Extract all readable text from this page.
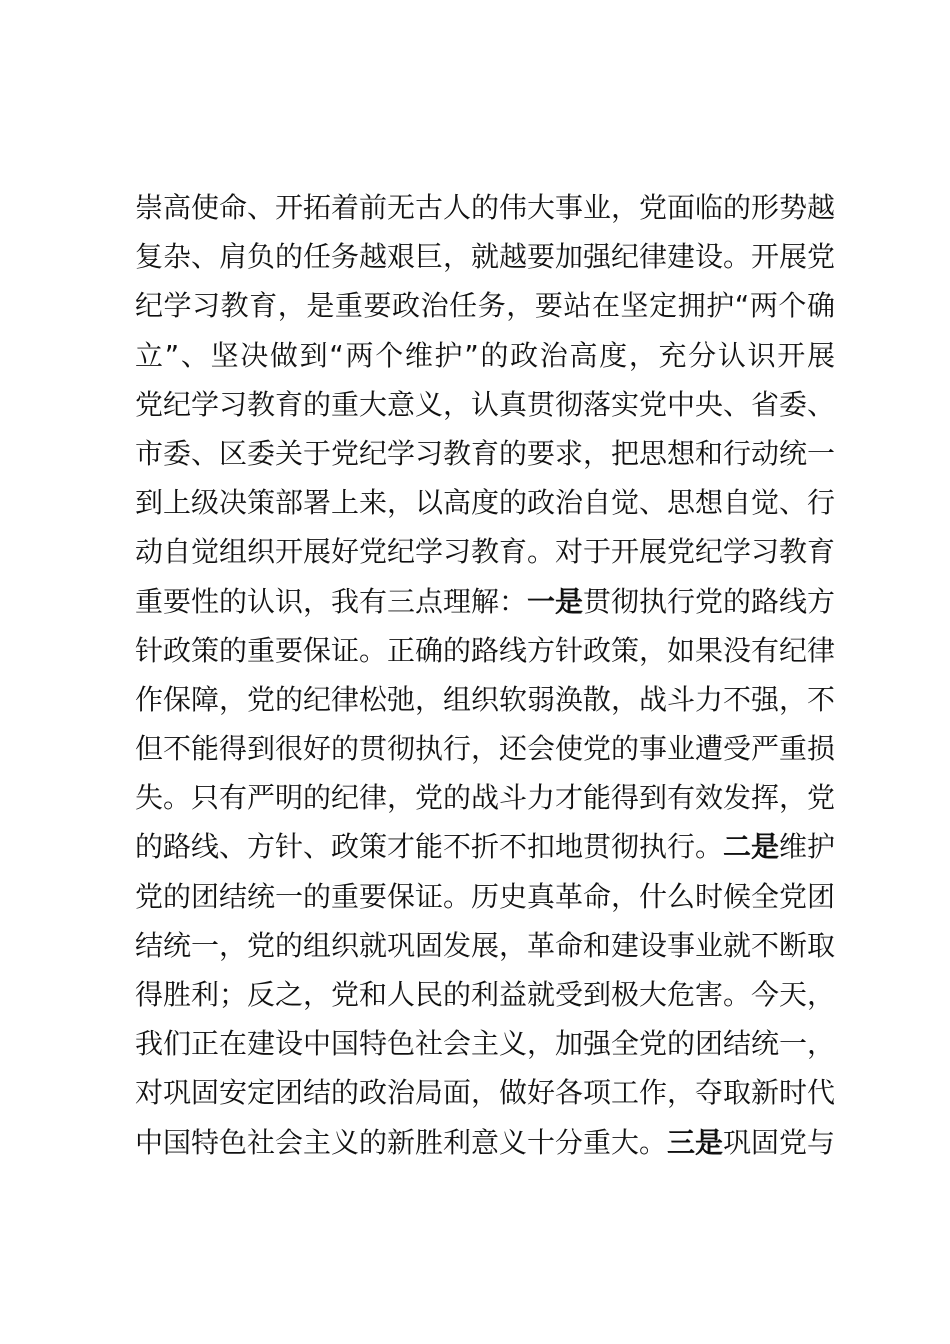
崇高使命、开拓着前无古人的伟大事业，党面临的形势越
复杂、肩负的任务越艰巨，就越要加强纪律建设。开展党
纪学习教育，是重要政治任务，要站在坚定拥护“两个确
立”、坚决做到“两个维护”的政治高度，充分认识开展
党纪学习教育的重大意义，认真贯彻落实党中央、省委、
市委、区委关于党纪学习教育的要求，把思想和行动统一
到上级决策部署上来，以高度的政治自觉、思想自觉、行
动自觉组织开展好党纪学习教育。对于开展党纪学习教育
重要性的认识，我有三点理解：一是贯彻执行党的路线方
针政策的重要保证。正确的路线方针政策，如果没有纪律
作保障，党的纪律松弛，组织软弱涣散，战斗力不强，不
但不能得到很好的贯彻执行，还会使党的事业遭受严重损
失。只有严明的纪律，党的战斗力才能得到有效发挥，党
的路线、方针、政策才能不折不扣地贯彻执行。二是维护
党的团结统一的重要保证。历史真革命，什么时候全党团
结统一，党的组织就巩固发展，革命和建设事业就不断取
得胜利；反之，党和人民的利益就受到极大危害。今天，
我们正在建设中国特色社会主义，加强全党的团结统一，
对巩固安定团结的政治局面，做好各项工作，夺取新时代
中国特色社会主义的新胜利意义十分重大。三是巩固党与
